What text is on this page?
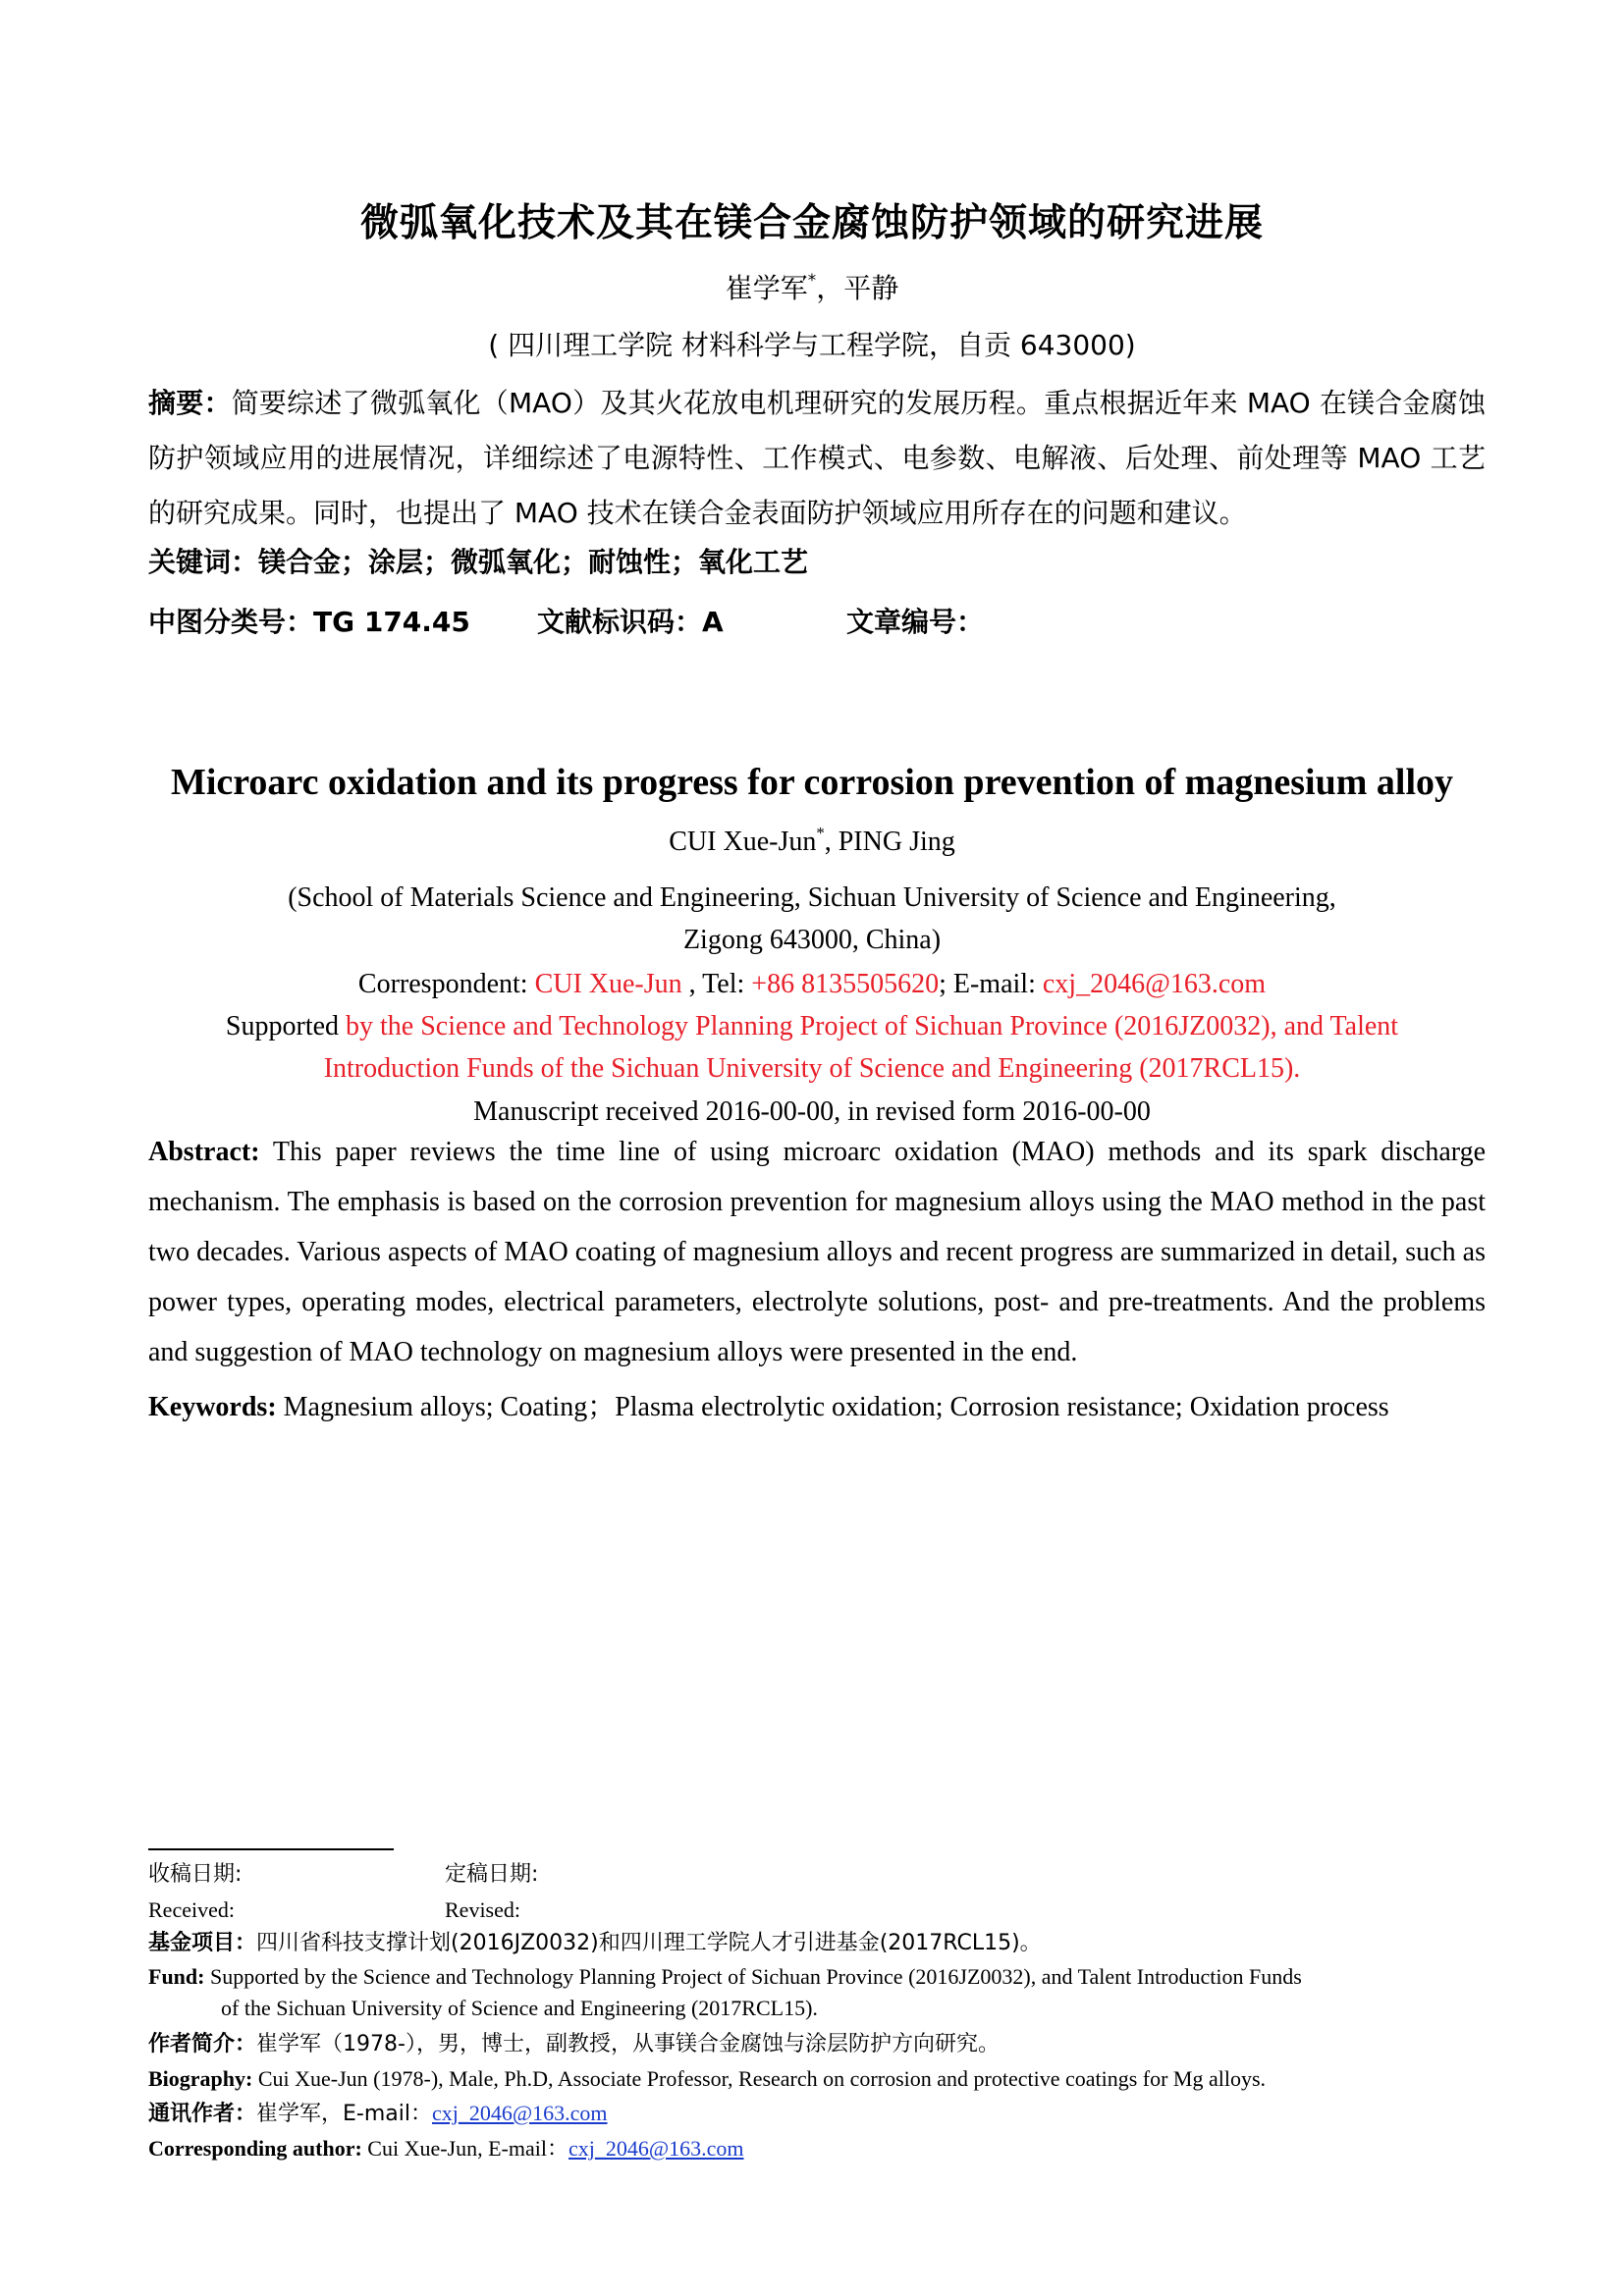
微弧氧化技术及其在镁合金腐蚀防护领域的研究进展
崔学军*，平静
( 四川理工学院 材料科学与工程学院，自贡 643000)
摘要：简要综述了微弧氧化（MAO）及其火花放电机理研究的发展历程。重点根据近年来 MAO 在镁合金腐蚀防护领域应用的进展情况，详细综述了电源特性、工作模式、电参数、电解液、后处理、前处理等 MAO 工艺的研究成果。同时，也提出了 MAO 技术在镁合金表面防护领域应用所存在的问题和建议。
关键词：镁合金；涂层；微弧氧化；耐蚀性；氧化工艺
中图分类号：TG 174.45 文献标识码：A	文章编号：
Microarc oxidation and its progress for corrosion prevention of magnesium alloy
CUI Xue-Jun*, PING Jing
(School of Materials Science and Engineering, Sichuan University of Science and Engineering,
Zigong 643000, China)
Correspondent: CUI Xue-Jun , Tel: +86 8135505620; E-mail: cxj_2046@163.com
Supported by the Science and Technology Planning Project of Sichuan Province (2016JZ0032), and Talent
Introduction Funds of the Sichuan University of Science and Engineering (2017RCL15).
Manuscript received 2016-00-00, in revised form 2016-00-00
Abstract: This paper reviews the time line of using microarc oxidation (MAO) methods and its spark discharge mechanism. The emphasis is based on the corrosion prevention for magnesium alloys using the MAO method in the past two decades. Various aspects of MAO coating of magnesium alloys and recent progress are summarized in detail, such as power types, operating modes, electrical parameters, electrolyte solutions, post- and pre-treatments. And the problems and suggestion of MAO technology on magnesium alloys were presented in the end.
Keywords: Magnesium alloys; Coating；Plasma electrolytic oxidation; Corrosion resistance; Oxidation process
收稿日期:	定稿日期:
Received:	Revised:
基金项目：四川省科技支撑计划(2016JZ0032)和四川理工学院人才引进基金(2017RCL15)。
Fund: Supported by the Science and Technology Planning Project of Sichuan Province (2016JZ0032), and Talent Introduction Funds
of the Sichuan University of Science and Engineering (2017RCL15).
作者简介：崔学军（1978-），男，博士，副教授，从事镁合金腐蚀与涂层防护方向研究。
Biography: Cui Xue-Jun (1978-), Male, Ph.D, Associate Professor, Research on corrosion and protective coatings for Mg alloys.
通讯作者：崔学军，E-mail：cxj_2046@163.com
Corresponding author: Cui Xue-Jun, E-mail：cxj_2046@163.com
